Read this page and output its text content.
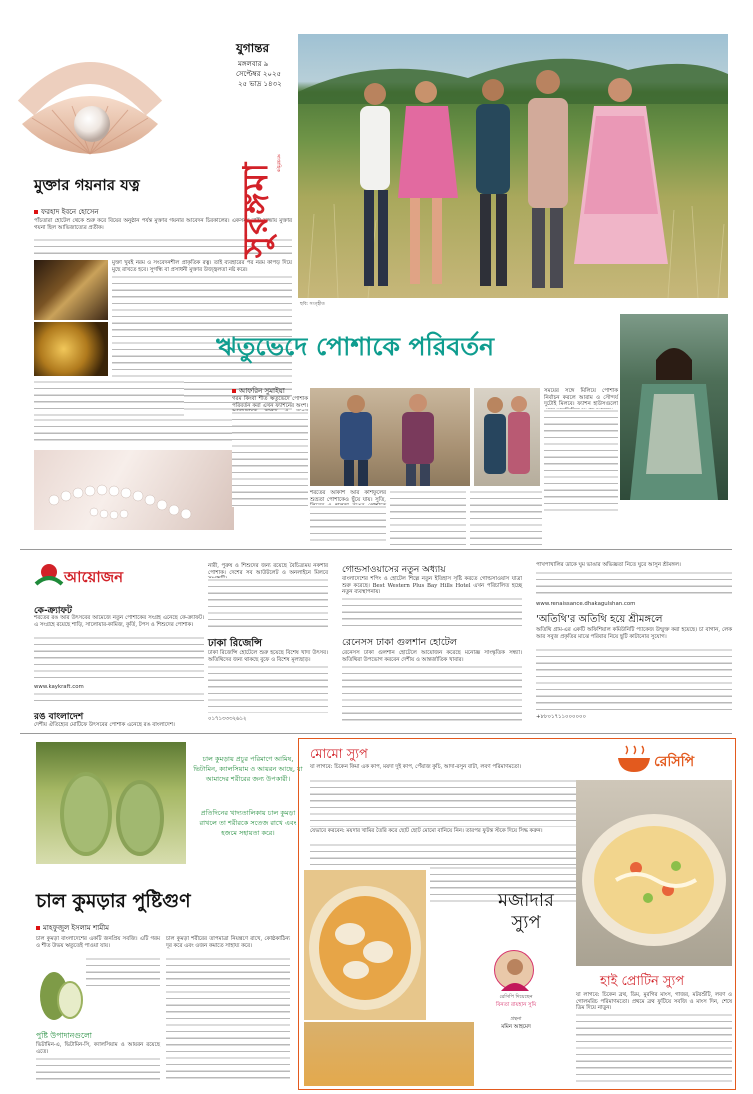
মুক্তার গয়নার যত্ন
ফরহাদ ইবনে হোসেন
পাঁচতারা হোটেল থেকে শুরু করে বিয়ের অনুষ্ঠান পর্যন্ত মুক্তার গয়নার আবেদন চিরকালের। একসময় নারী সজ্জায় মুক্তার গয়না ছিল আভিজাত্যের প্রতীক।
মুক্তা খুবই নরম ও সংবেদনশীল প্রাকৃতিক রত্ন। তাই ব্যবহারের পর নরম কাপড় দিয়ে মুছে রাখতে হবে। সুগন্ধি বা প্রসাধনী মুক্তার উজ্জ্বলতা নষ্ট করে।
যুগান্তর
মঙ্গলবার ৯
সেপ্টেম্বর ২০২৫
২৫ ভাদ্র ১৪৩২
সুরঙ্গমা সাপ্তাহিক
ছবি: সংগৃহীত
ঋতুভেদে পোশাকে পরিবর্তন
আফরিন সুমাইয়া
গরম কিংবা শীত ঋতুভেদে পোশাক পরিবর্তন করা এখন ফ্যাশনের অংশ।
শরতের আকাশ আর কাশফুলের শুভ্রতা পোশাকেও ছুঁয়ে যায়। সুতি,
সময়ের সঙ্গে মিলিয়ে পোশাক নির্বাচন করলে আরাম ও সৌন্দর্য দুটোই মিলবে। ফ্যাশন হাউসগুলো
আয়োজন
কে-ক্র্যাফট
শরতের রঙ আর উৎসবের আমেজে নতুন পোশাকের সংগ্রহ এনেছে কে-ক্র্যাফট। এ সংগ্রহে রয়েছে শাড়ি, সালোয়ার-কামিজ, কুর্তি, টপস ও শিশুদের পোশাক।
www.kaykraft.com
রঙ বাংলাদেশ
দেশীয় ঐতিহ্যের মোটিফে উৎসবের পোশাক এনেছে রঙ বাংলাদেশ।
নারী, পুরুষ ও শিশুদের জন্য রয়েছে বৈচিত্র্যময় নকশার পোশাক। দেশের সব আউটলেট ও অনলাইনে মিলবে
ঢাকা রিজেন্সি
ঢাকা রিজেন্সি হোটেলে শুরু হয়েছে বিশেষ খাদ্য উৎসব। অতিথিদের জন্য থাকছে বুফে ও বিশেষ মূল্যছাড়।
০১৭১৩৩৩২৬১২
গোন্ডসাওয়াসের নতুন অধ্যায়
বাংলাদেশের শপিং ও হোটেল শিল্পে নতুন ইতিহাস সৃষ্টি করতে গোল্ডসাওয়াস যাত্রা শুরু করেছে। Best Western Plus Bay Hills Hotel এখন পরিচালিত হচ্ছে নতুন ব্যবস্থাপনায়।
রেনেসস ঢাকা গুলশান হোটেল
রেনেসস ঢাকা গুলশান হোটেলে আয়োজন করেছে মনোজ্ঞ সাংস্কৃতিক সন্ধ্যা। অতিথিরা উপভোগ করবেন দেশীয় ও আন্তর্জাতিক খাবার।
পাখপাখালির ডাকে ঘুম ভাঙার অভিজ্ঞতা নিতে ঘুরে আসুন শ্রীমঙ্গল।
www.renaissance.dhakagulshan.com
'অতিথি'র অতিথি হয়ে শ্রীমঙ্গলে
অতিথি গ্রাম-এর একটি অফিশিয়াল কমিউনিটি প্যাকেজ উন্মুক্ত করা হয়েছে। চা বাগান, লেক আর সবুজ প্রকৃতির মাঝে পরিবার নিয়ে ছুটি কাটানোর সুযোগ।
+৮৮০১৭১১০০০০০০
চাল কুমড়ায় প্রচুর পরিমাণে আমিষ, ভিটামিন, ক্যালসিয়াম ও আয়রন আছে, যা আমাদের শরীরের জন্য উপকারী।
প্রতিদিনের খাদ্যতালিকায় চাল কুমড়া রাখলে তা শরীরকে সতেজ রাখে এবং হজমে সহায়তা করে।
চাল কুমড়ার পুষ্টিগুণ
মাহফুজুল ইসলাম শামীম
চাল কুমড়া বাংলাদেশের একটি জনপ্রিয় সবজি। এটি গরম ও শীত উভয় ঋতুতেই পাওয়া যায়।
পুষ্টি উপাদানগুলো
ভিটামিন-এ, ভিটামিন-সি, ক্যালসিয়াম ও আয়রন রয়েছে এতে।
চাল কুমড়া শরীরের তাপমাত্রা নিয়ন্ত্রণে রাখে, কোষ্ঠকাঠিন্য দূর করে এবং ওজন কমাতে সাহায্য করে।
মোমো স্যুপ
যা লাগবে: চিকেন কিমা এক কাপ, ময়দা দুই কাপ, পেঁয়াজ কুচি, আদা-রসুন বাটা, লবণ পরিমাণমতো।
যেভাবে করবেন: ময়দার খামির তৈরি করে ছোট ছোট মোমো বানিয়ে নিন। তারপর ফুটন্ত স্টকে দিয়ে সিদ্ধ করুন।
রেসিপি
মজাদার
স্যুপ
রেসিপি দিয়েছেন
বিনতা রায়হান সুমি
গ্রন্থনা
মমিন আহমেদ
হাই প্রোটিন স্যুপ
যা লাগবে: চিকেন ব্রথ, ডিম, মুরগির মাংস, গাজর, মটরশুঁটি, লবণ ও গোলমরিচ পরিমাণমতো। প্রথমে ব্রথ ফুটিয়ে সবজি ও মাংস দিন, শেষে ডিম দিয়ে নাড়ুন।
